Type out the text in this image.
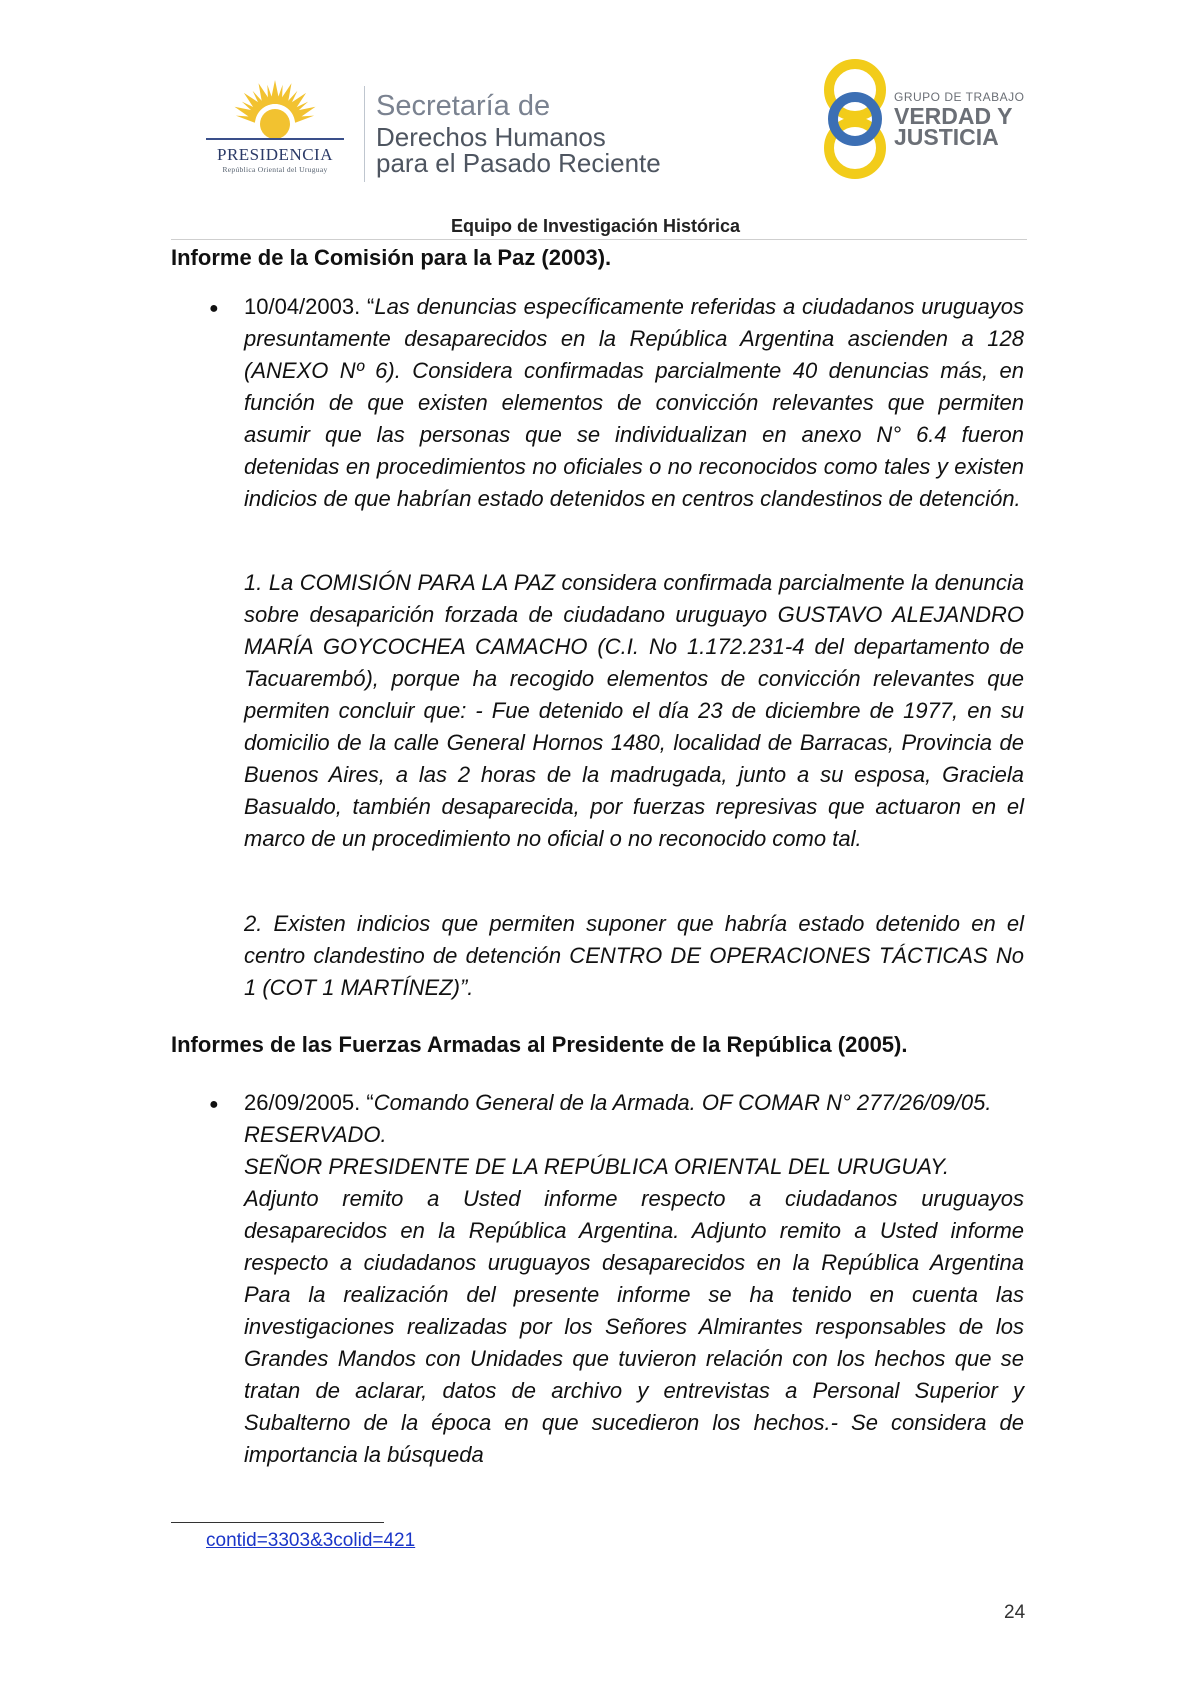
PRESIDENCIA
República Oriental del Uruguay
Secretaría de
Derechos Humanos
para el Pasado Reciente
GRUPO DE TRABAJO
VERDAD Y
JUSTICIA
Equipo de Investigación Histórica
Informe de la Comisión para la Paz (2003).
● 10/04/2003. “Las denuncias específicamente referidas a ciudadanos uruguayos presuntamente desaparecidos en la República Argentina ascienden a 128 (ANEXO Nº 6). Considera confirmadas parcialmente 40 denuncias más, en función de que existen elementos de convicción relevantes que permiten asumir que las personas que se individualizan en anexo N° 6.4 fueron detenidas en procedimientos no oficiales o no reconocidos como tales y existen indicios de que habrían estado detenidos en centros clandestinos de detención.
1. La COMISIÓN PARA LA PAZ considera confirmada parcialmente la denuncia sobre desaparición forzada de ciudadano uruguayo GUSTAVO ALEJANDRO MARÍA GOYCOCHEA CAMACHO (C.I. No 1.172.231-4 del departamento de Tacuarembó), porque ha recogido elementos de convicción relevantes que permiten concluir que: - Fue detenido el día 23 de diciembre de 1977, en su domicilio de la calle General Hornos 1480, localidad de Barracas, Provincia de Buenos Aires, a las 2 horas de la madrugada, junto a su esposa, Graciela Basualdo, también desaparecida, por fuerzas represivas que actuaron en el marco de un procedimiento no oficial o no reconocido como tal.
2. Existen indicios que permiten suponer que habría estado detenido en el centro clandestino de detención CENTRO DE OPERACIONES TÁCTICAS No 1 (COT 1 MARTÍNEZ)”.
Informes de las Fuerzas Armadas al Presidente de la República (2005).
● 26/09/2005. “Comando General de la Armada. OF COMAR N° 277/26/09/05.
RESERVADO.
SEÑOR PRESIDENTE DE LA REPÚBLICA ORIENTAL DEL URUGUAY.
Adjunto remito a Usted informe respecto a ciudadanos uruguayos desaparecidos en la República Argentina. Adjunto remito a Usted informe respecto a ciudadanos uruguayos desaparecidos en la República Argentina Para la realización del presente informe se ha tenido en cuenta las investigaciones realizadas por los Señores Almirantes responsables de los Grandes Mandos con Unidades que tuvieron relación con los hechos que se tratan de aclarar, datos de archivo y entrevistas a Personal Superior y Subalterno de la época en que sucedieron los hechos.- Se considera de importancia la búsqueda
contid=3303&3colid=421
24
